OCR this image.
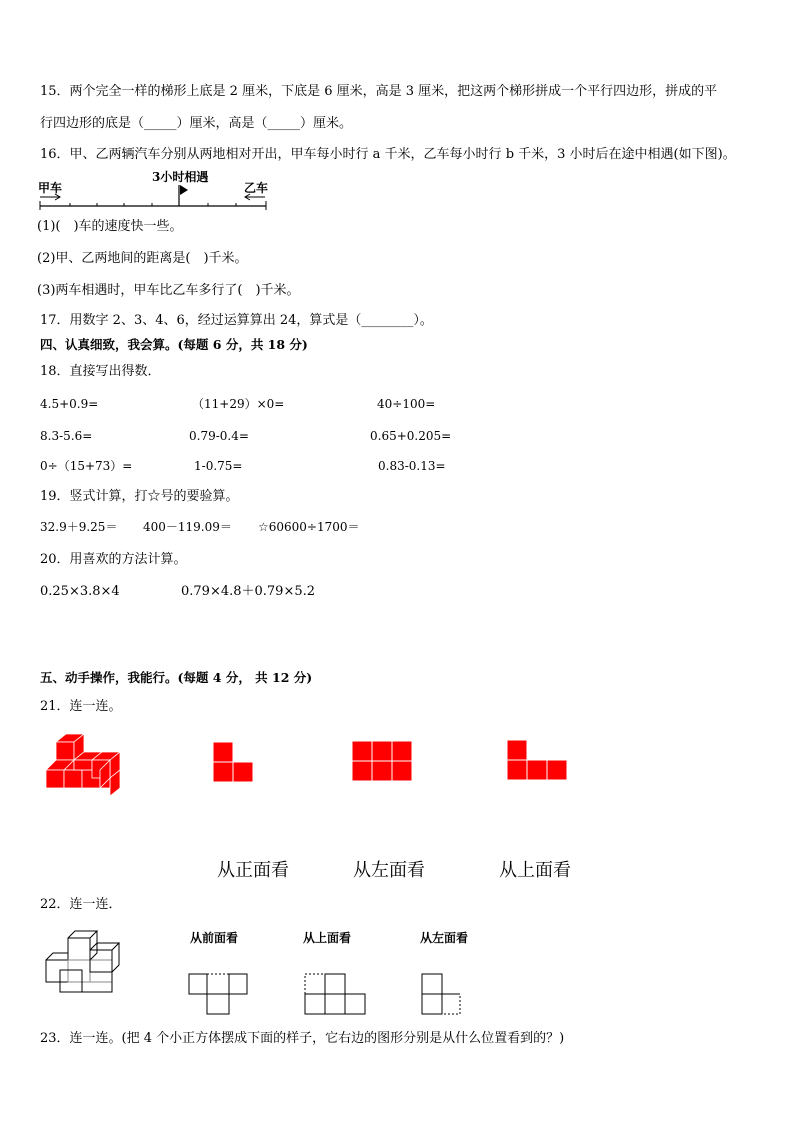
15．两个完全一样的梯形上底是 2 厘米，下底是 6 厘米，高是 3 厘米，把这两个梯形拼成一个平行四边形，拼成的平
行四边形的底是（_____）厘米，高是（_____）厘米。
16．甲、乙两辆汽车分别从两地相对开出，甲车每小时行 a 千米，乙车每小时行 b 千米，3 小时后在途中相遇(如下图)。
甲车
3小时相遇
乙车
(1)(　)车的速度快一些。
(2)甲、乙两地间的距离是(　)千米。
(3)两车相遇时，甲车比乙车多行了(　)千米。
17．用数字 2、3、4、6，经过运算算出 24，算式是（________）。
四、认真细致，我会算。(每题 6 分，共 18 分)
18．直接写出得数．
4.5+0.9=	（11+29）×0=	40÷100=
8.3-5.6=	0.79-0.4=	0.65+0.205=
0÷（15+73）=	1-0.75=	0.83-0.13=
19．竖式计算，打☆号的要验算。
32.9＋9.25＝ 400－119.09＝ ☆60600÷1700＝
20．用喜欢的方法计算。
0.25×3.8×4	0.79×4.8＋0.79×5.2
五、动手操作，我能行。(每题 4 分， 共 12 分)
21．连一连。
从正面看	从左面看	从上面看
22．连一连．
从前面看	从上面看	从左面看
23．连一连。(把 4 个小正方体摆成下面的样子，它右边的图形分别是从什么位置看到的？)
